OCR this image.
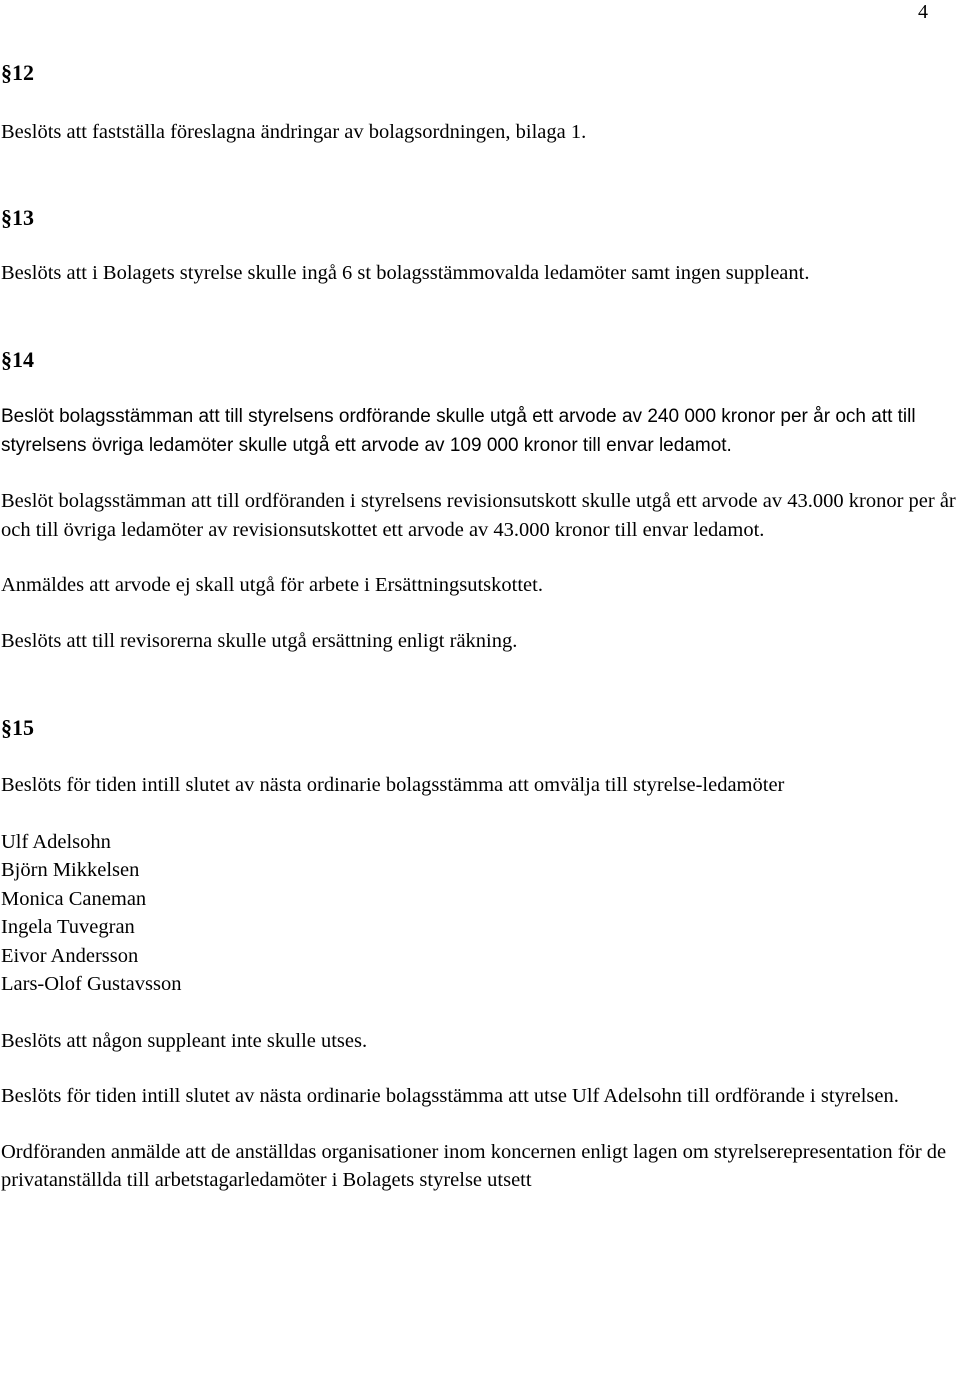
4
§12

Beslöts att fastställa föreslagna ändringar av bolagsordningen, bilaga 1.

§13

Beslöts att i Bolagets styrelse skulle ingå 6 st bolagsstämmovalda ledamöter samt ingen suppleant.

§14

Beslöt bolagsstämman att till styrelsens ordförande skulle utgå ett arvode av 240 000 kronor per år och att till styrelsens övriga ledamöter skulle utgå ett arvode av 109 000 kronor till envar ledamot.

Beslöt bolagsstämman att till ordföranden i styrelsens revisionsutskott skulle utgå ett arvode av 43.000 kronor per år och till övriga ledamöter av revisionsutskottet ett arvode av 43.000 kronor till envar ledamot.

Anmäldes att arvode ej skall utgå för arbete i Ersättningsutskottet.

Beslöts att till revisorerna skulle utgå ersättning enligt räkning.

§15

Beslöts för tiden intill slutet av nästa ordinarie bolagsstämma att omvälja till styrelse-ledamöter

Ulf Adelsohn

Björn Mikkelsen

Monica Caneman

Ingela Tuvegran

Eivor Andersson

Lars-Olof Gustavsson

Beslöts att någon suppleant inte skulle utses.

Beslöts för tiden intill slutet av nästa ordinarie bolagsstämma att utse Ulf Adelsohn till ordförande i styrelsen.

Ordföranden anmälde att de anställdas organisationer inom koncernen enligt lagen om styrelserepresentation för de privatanställda till arbetstagarledamöter i Bolagets styrelse utsett
